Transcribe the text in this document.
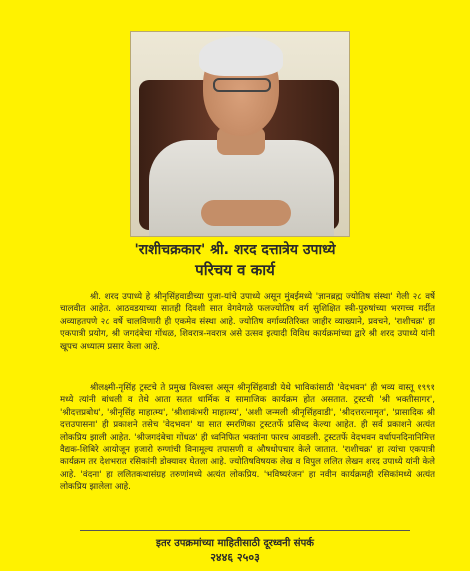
'राशीचक्रकार' श्री. शरद दत्तात्रेय उपाध्ये
परिचय व कार्य

श्री. शरद उपाध्ये हे श्रीनृसिंहवाडीच्या पुजा-यांचे उपाध्ये असून मुंबईमध्ये 'ज्ञानब्रह्म ज्योतिष संस्था' गेली २८ वर्षे चालवीत आहेत. आठवडयाच्या सातही दिवशी सात वेगवेगळे फलज्योतिष वर्ग सुशिक्षित स्त्री-पुरुषांच्या भरगच्च गर्दीत अव्याहतपणे २८ वर्षे चालविणारी ही एकमेव संस्था आहे. ज्योतिष वर्गाव्यतिरिक्त जाहीर व्याख्याने, प्रवचने, 'राशीचक्र' हा एकपात्री प्रयोग, श्री जगदंबेचा गोंधळ, शिवरात्र-नवरात्र असे उत्सव इत्यादी विविध कार्यक्रमांच्या द्वारे श्री शरद उपाध्ये यांनी खूपच अध्यात्म प्रसार केला आहे.

श्रीलक्ष्मी-नृसिंह ट्रस्टचे ते प्रमुख विश्वस्त असून श्रीनृसिंहवाडी येथे भाविकांसाठी 'वेदभवन' ही भव्य वास्तू १९९१ मध्ये त्यांनी बांधली व तेथे आता सतत धार्मिक व सामाजिक कार्यक्रम होत असतात. ट्रस्टची 'श्री भक्तीसागर', 'श्रीदत्तप्रबोध', 'श्रीनृसिंह माहात्म्य', 'श्रीशाकंभरी माहात्म्य', 'अशी जन्मली श्रीनृसिंहवाडी', 'श्रीदत्तरत्नामृत', 'प्रासादिक श्री दत्तउपासना' ही प्रकाशने तसेच 'वेदभवन' या सात स्मरणिका ट्रस्टतर्फे प्रसिध्द केल्या आहेत. ही सर्व प्रकाशने अत्यंत लोकप्रिय झाली आहेत. 'श्रीजगदंबेचा गोंधळ' ही ध्वनिफित भक्तांना फारच आवडली. ट्रस्टतर्फे वेदभवन वर्धापनदिनानिमित्त वैद्यक-शिबिरे आयोजून हजारो रुग्णांची विनामूल्य तपासणी व औषधोपचार केले जातात. 'राशीचक्र' हा त्यांचा एकपात्री कार्यक्रम तर देशभरात रसिकांनी डोक्यावर घेतला आहे. ज्योतिषविषयक लेख व विपुल ललित लेखन शरद उपाध्ये यांनी केले आहे. 'वंदना' हा ललितकथासंग्रह तरुणांमध्ये अत्यंत लोकप्रिय. 'भविष्यरंजन' हा नवीन कार्यक्रमही रसिकांमध्ये अत्यंत लोकप्रिय झालेला आहे.

इतर उपक्रमांच्या माहितीसाठी दूरध्वनी संपर्क
२४४६ २५०३
